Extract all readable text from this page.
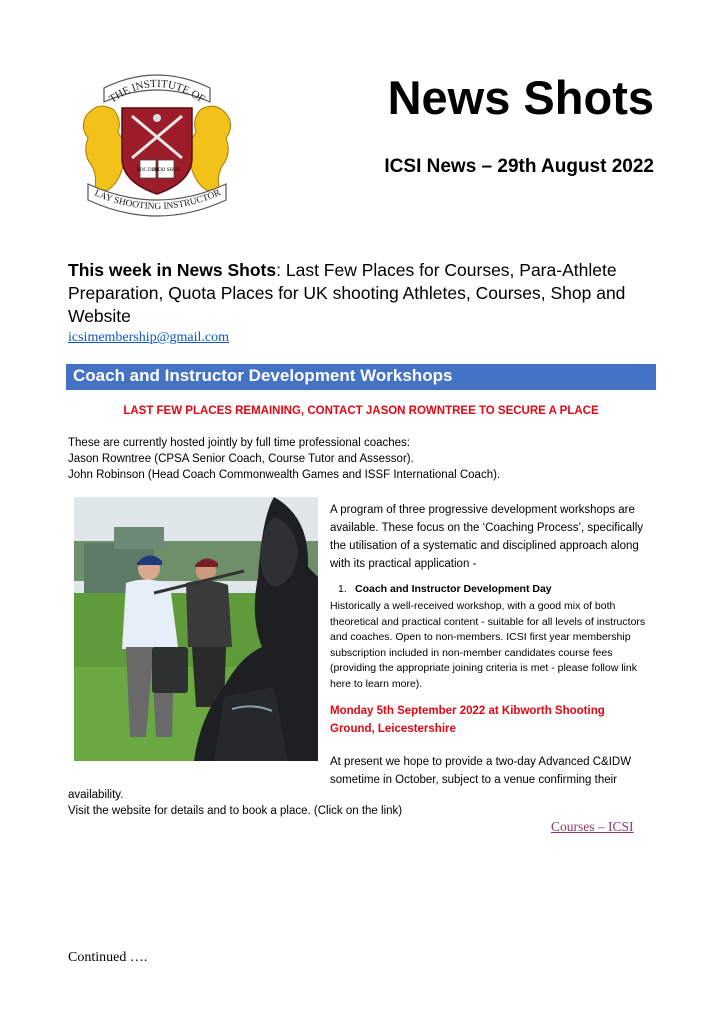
THE INSTITUTE OF
BOC DISC
JOOD SHUS
LAY SHOOTING INSTRUCTOR
News Shots
ICSI News – 29th August 2022
This week in News Shots: Last Few Places for Courses, Para-Athlete Preparation, Quota Places for UK shooting Athletes, Courses, Shop and Website
icsimembership@gmail.com
Coach and Instructor Development Workshops
LAST FEW PLACES REMAINING, CONTACT JASON ROWNTREE TO SECURE A PLACE
These are currently hosted jointly by full time professional coaches:
Jason Rowntree (CPSA Senior Coach, Course Tutor and Assessor).
John Robinson (Head Coach Commonwealth Games and ISSF International Coach).
A program of three progressive development workshops are available. These focus on the ‘Coaching Process’, specifically the utilisation of a systematic and disciplined approach along with its practical application -
1. Coach and Instructor Development Day
Historically a well-received workshop, with a good mix of both theoretical and practical content - suitable for all levels of instructors and coaches. Open to non-members. ICSI first year membership subscription included in non-member candidates course fees (providing the appropriate joining criteria is met - please follow link here to learn more).
Monday 5th September 2022 at Kibworth Shooting Ground, Leicestershire
At present we hope to provide a two-day Advanced C&IDW sometime in October, subject to a venue confirming their
availability.
Visit the website for details and to book a place. (Click on the link)
Courses – ICSI
Continued ….
